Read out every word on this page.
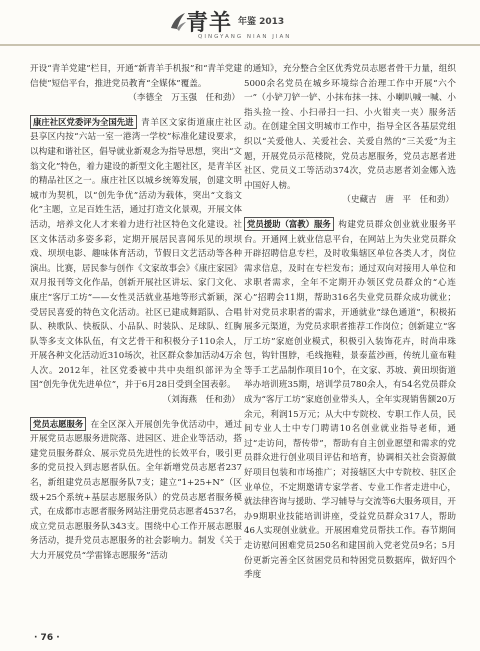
青羊 年鉴 2013
QINGYANG NIAN JIAN

开设“青羊党建”栏目，开通“新青羊手机报”和“青羊党建信使”短信平台，推进党员教育“全媒体”覆盖。

（李德全　万玉强　任和劲）

康庄社区党委评为全国先进 青羊区文家街道康庄社区县享区内按“六站一室一港湾一学校”标准化建设要求，以构建和谐社区，倡导就业新观念为指导思想，突出“文翁文化”特色，着力建设的新型文化主题社区，是青羊区的精品社区之一。康庄社区以城乡统筹发展，创建文明城市为契机，以“创先争优”活动为载体，突出“文翁文化”主题，立足百姓生活，通过打造文化景观，开展文体活动，培养文化人才来着力进行社区特色文化建设。社区文体活动多姿多彩，定期开展居民喜闻乐见的坝坝戏、坝坝电影、趣味体育活动，节假日文艺活动等各种演出。比赛，居民参与创作《文家故事会》《康庄家园》双月报刊等文化作品，创新开展社区讲坛、家门文化、康庄“客厅工坊”——女性灵活就业基地等形式新颖，深受居民喜爱的特色文化活动。社区已建成舞蹈队、合唱队、秧歌队、快板队、小品队、时装队、足球队、红胸队等多支文体队伍，有文艺骨干和积极分子110余人，开展各种文化活动近310场次，社区群众参加活动4万余人次。2012年，社区党委被中共中央组织部评为全国“创先争优先进单位”，并于6月28日受到全国表彰。

（刘海燕　任和劲）

党员志愿服务 在全区深入开展创先争优活动中，通过开展党员志愿服务进院落、进园区、进企业等活动，搭建党员服务群众、展示党员先进性的长效平台，吸引更多的党员投入到志愿者队伍。全年新增党员志愿者237名，新组建党员志愿服务队7支；建立“1+25+N”（区级+25个系统+基层志愿服务队）的党员志愿者服务模式，在成都市志愿者服务网站注册党员志愿者4537名，成立党员志愿服务队343支。围绕中心工作开展志愿服务活动，提升党员志愿服务的社会影响力。制发《关于大力开展党员“学雷锋志愿服务”活动

的通知》，充分整合全区优秀党员志愿者骨干力量，组织5000余名党员在城乡环境综合治理工作中开展“六个一”（小铲刀铲一铲、小抹布抹一抹、小喇叭喊一喊、小指头捡一捡、小扫帚扫一扫、小火钳夹一夹）服务活动。在创建全国文明城市工作中，指导全区各基层党组织以“关爱他人、关爱社会、关爱自然的”三关爱”为主题，开展党员示范楼院，党员志愿服务，党员志愿者进社区、党员义工等活动374次，党员志愿者刘金娜入选中国好人榜。

（史藏吉　唐　平　任和劲）

党员援助（富教）服务 构建党员群众创业就业服务平台。开通网上就业信息平台，在网站上为失业党员群众开辟招聘信息专栏，及时收集辖区单位各类人才，岗位需求信息，及时在专栏发布；通过双向对接用人单位和求职者需求，全年不定期开办领区党员群众的“心连心”招聘会11期，帮助316名失业党员群众成功就业；针对党员求职者的需求，开通就业“绿色通道”，积极拓展多元渠道，为党员求职者推荐工作岗位；创新建立“客厅工坊”家庭创业模式，积极引入装饰花卉，时尚串珠包，钩针围脖，毛线拖鞋，景泰蓝沙画，传统儿童布鞋等手工艺品制作项目10个，在文家、苏坡、黄田坝街道举办培训班35期，培训学员780余人，有54名党员群众成为“客厅工坊”家庭创业带头人，全年实现销售额20万余元，利润15万元；从大中专院校、专职工作人员，民间专业人士中专门聘请10名创业就业指导老师，通过“走访问，帮传带”，帮助有自主创业愿望和需求的党员群众进行创业项目评估和培育，协调相关社会资源做好项目包装和市场推广；对接辖区大中专院校、驻区企业单位，不定期邀请专家学者、专业工作者走进中心，就法律咨询与援助、学习辅导与交流等6大服务项目，开办9期职业技能培训讲座，受益党员群众317人，帮助46人实现创业就业。开展困难党员帮扶工作。春节期间走访慰问困难党员250名和建国前入党老党员9名；5月份更新完善全区贫困党员和特困党员数据库，做好四个季度

· 76 ·
